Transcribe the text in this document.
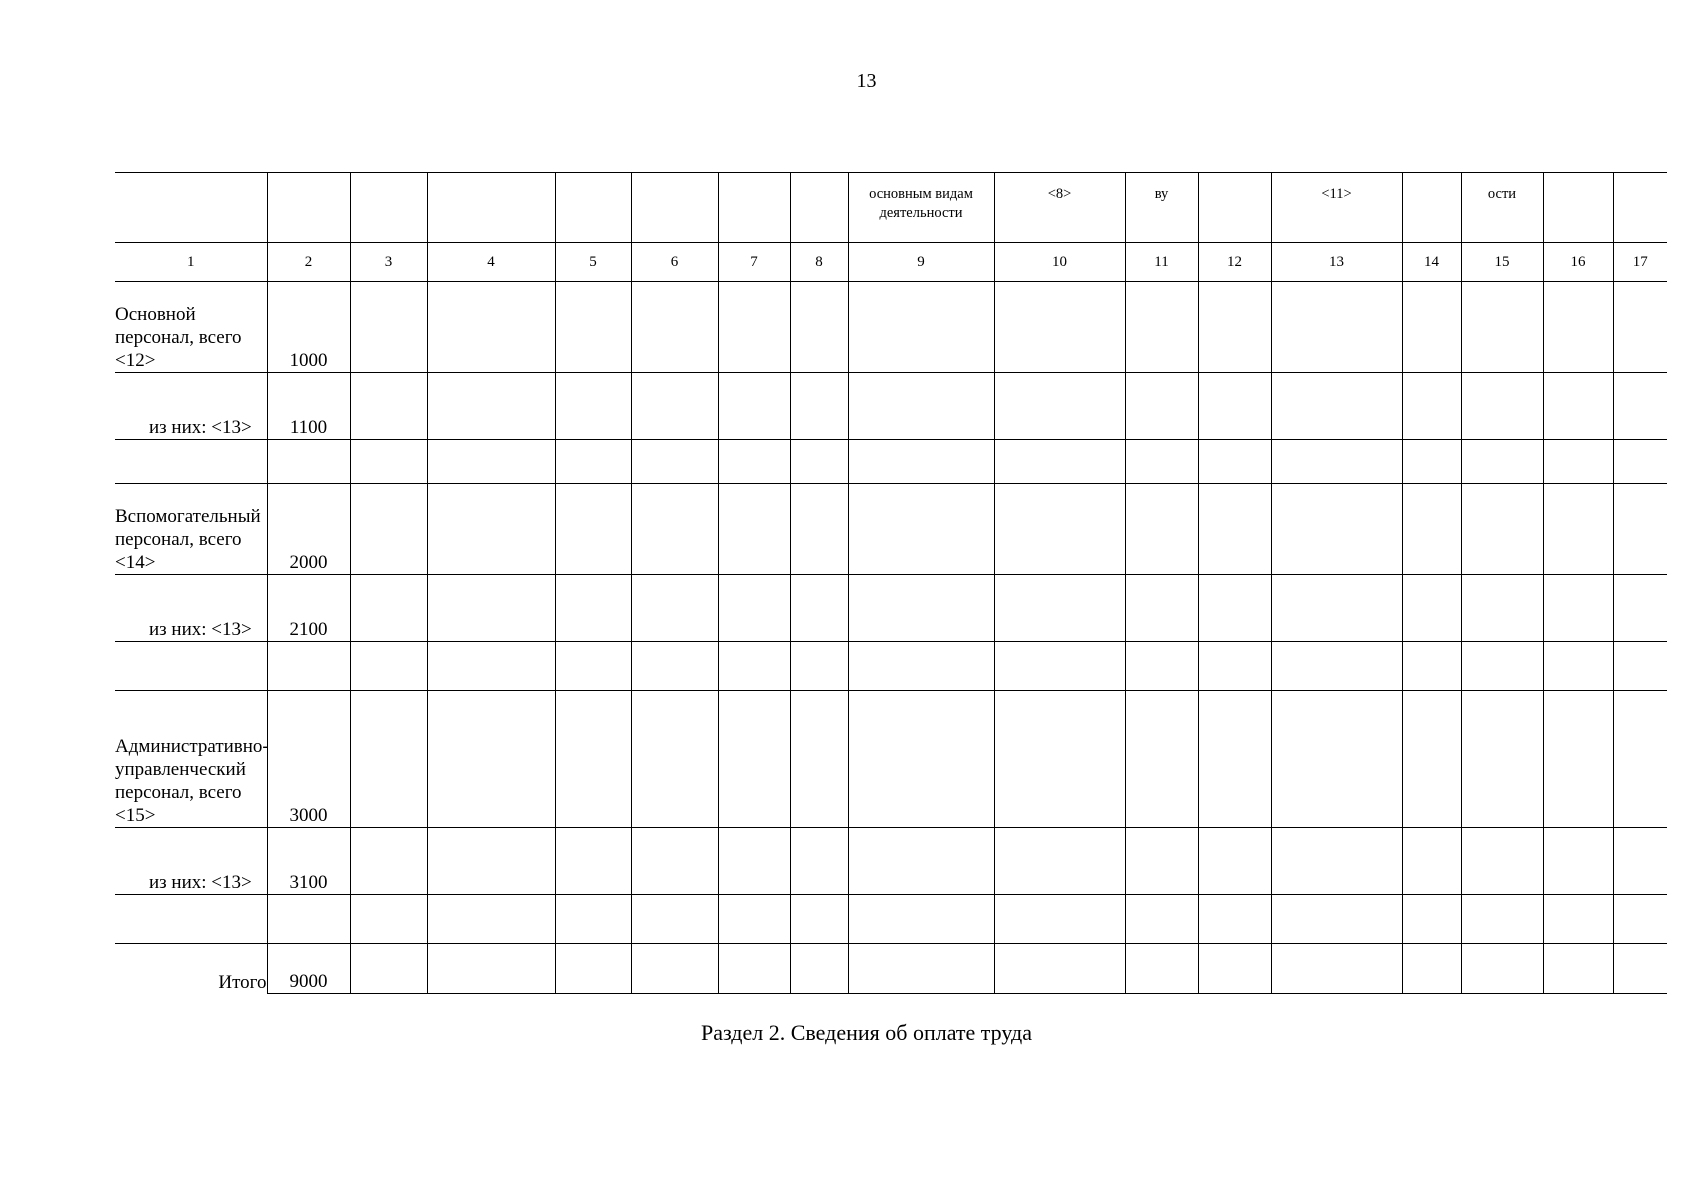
13
								основным видам деятельности	<8>	ву		<11>		ости		
1	2	3	4	5	6	7	8	9	10	11	12	13	14	15	16	17
Основной персонал, всего <12>	1000															
из них: <13>	1100															

Вспомогательный персонал, всего <14>	2000															
из них: <13>	2100															

Административно-управленческий персонал, всего <15>	3000															
из них: <13>	3100															

Итого	9000															
Раздел 2. Сведения об оплате труда
